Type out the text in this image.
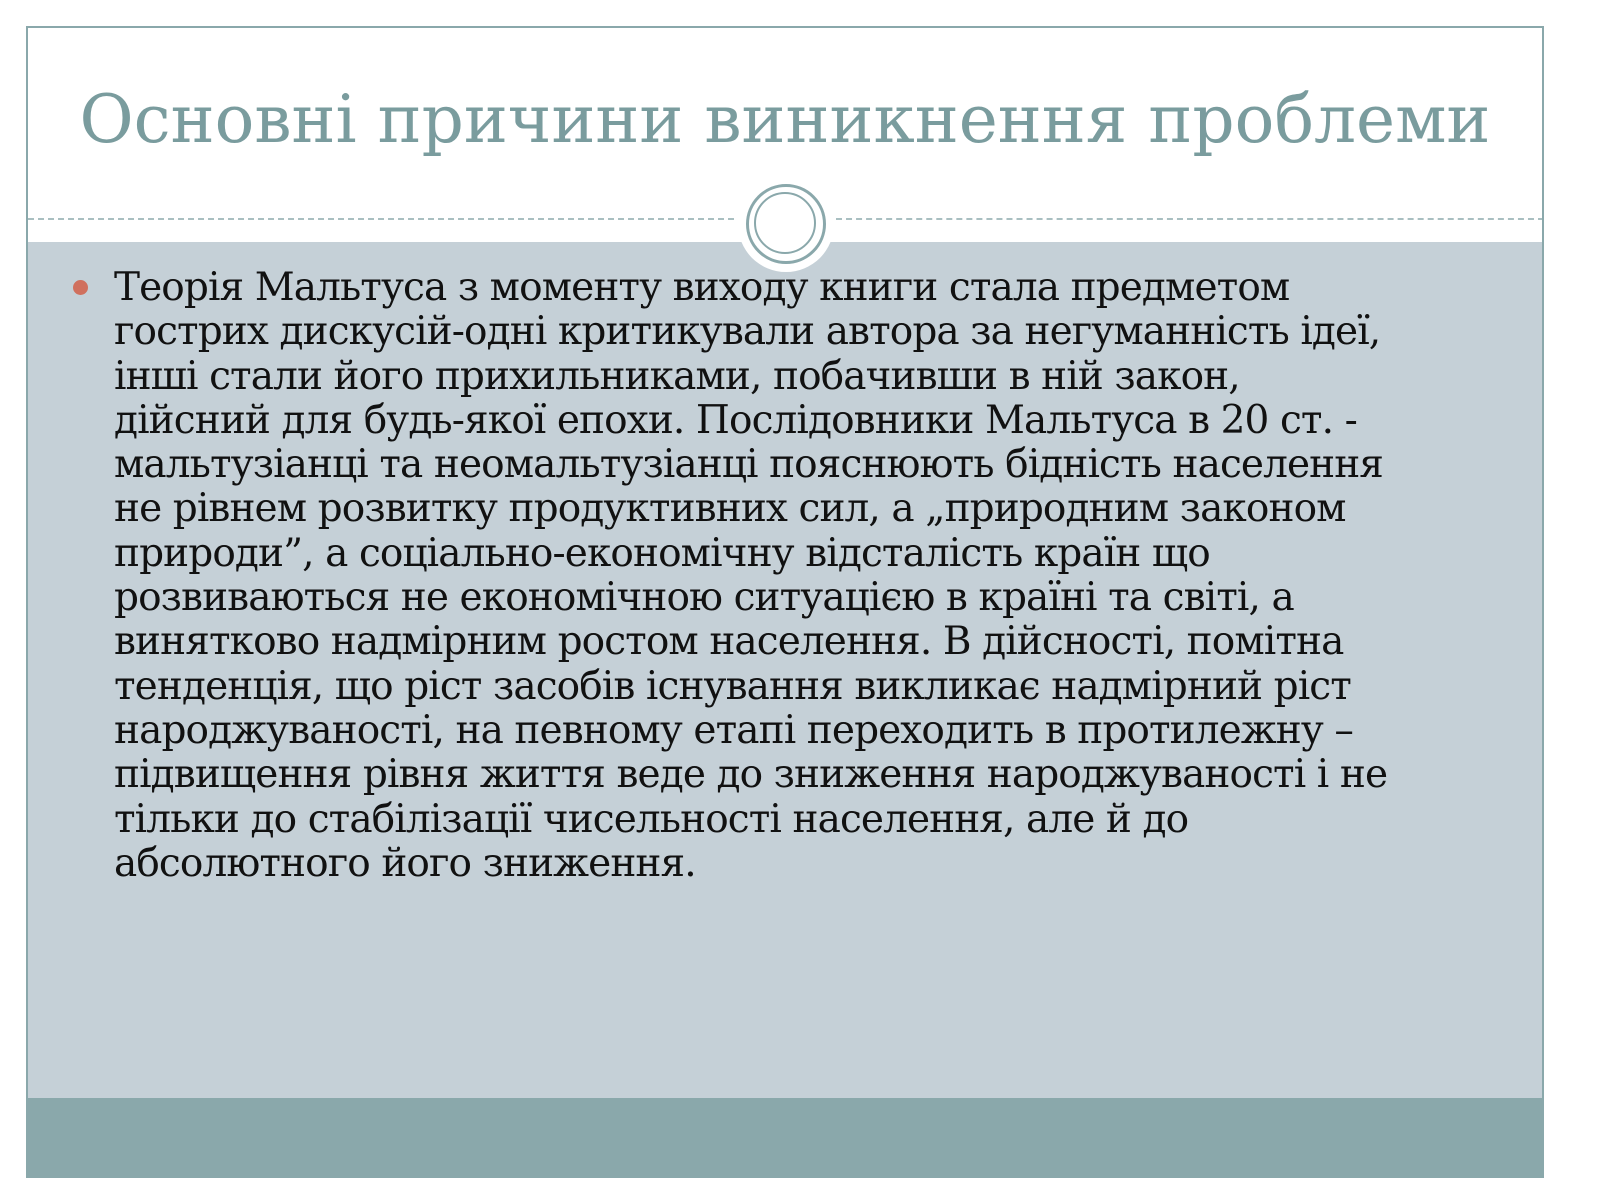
Основні причини виникнення проблеми

Теорія Мальтуса з моменту виходу книги стала предметом
гострих дискусій-одні критикували автора за негуманність ідеї,
інші стали його прихильниками, побачивши в ній закон,
дійсний для будь-якої епохи. Послідовники Мальтуса в 20 ст. -
мальтузіанці та неомальтузіанці пояснюють бідність населення
не рівнем розвитку продуктивних сил, а „природним законом
природи”, а соціально-економічну відсталість країн що
розвиваються не економічною ситуацією в країні та світі, а
винятково надмірним ростом населення. В дійсності, помітна
тенденція, що ріст засобів існування викликає надмірний ріст
народжуваності, на певному етапі переходить в протилежну –
підвищення рівня життя веде до зниження народжуваності і не
тільки до стабілізації чисельності населення, але й до
абсолютного його зниження.
